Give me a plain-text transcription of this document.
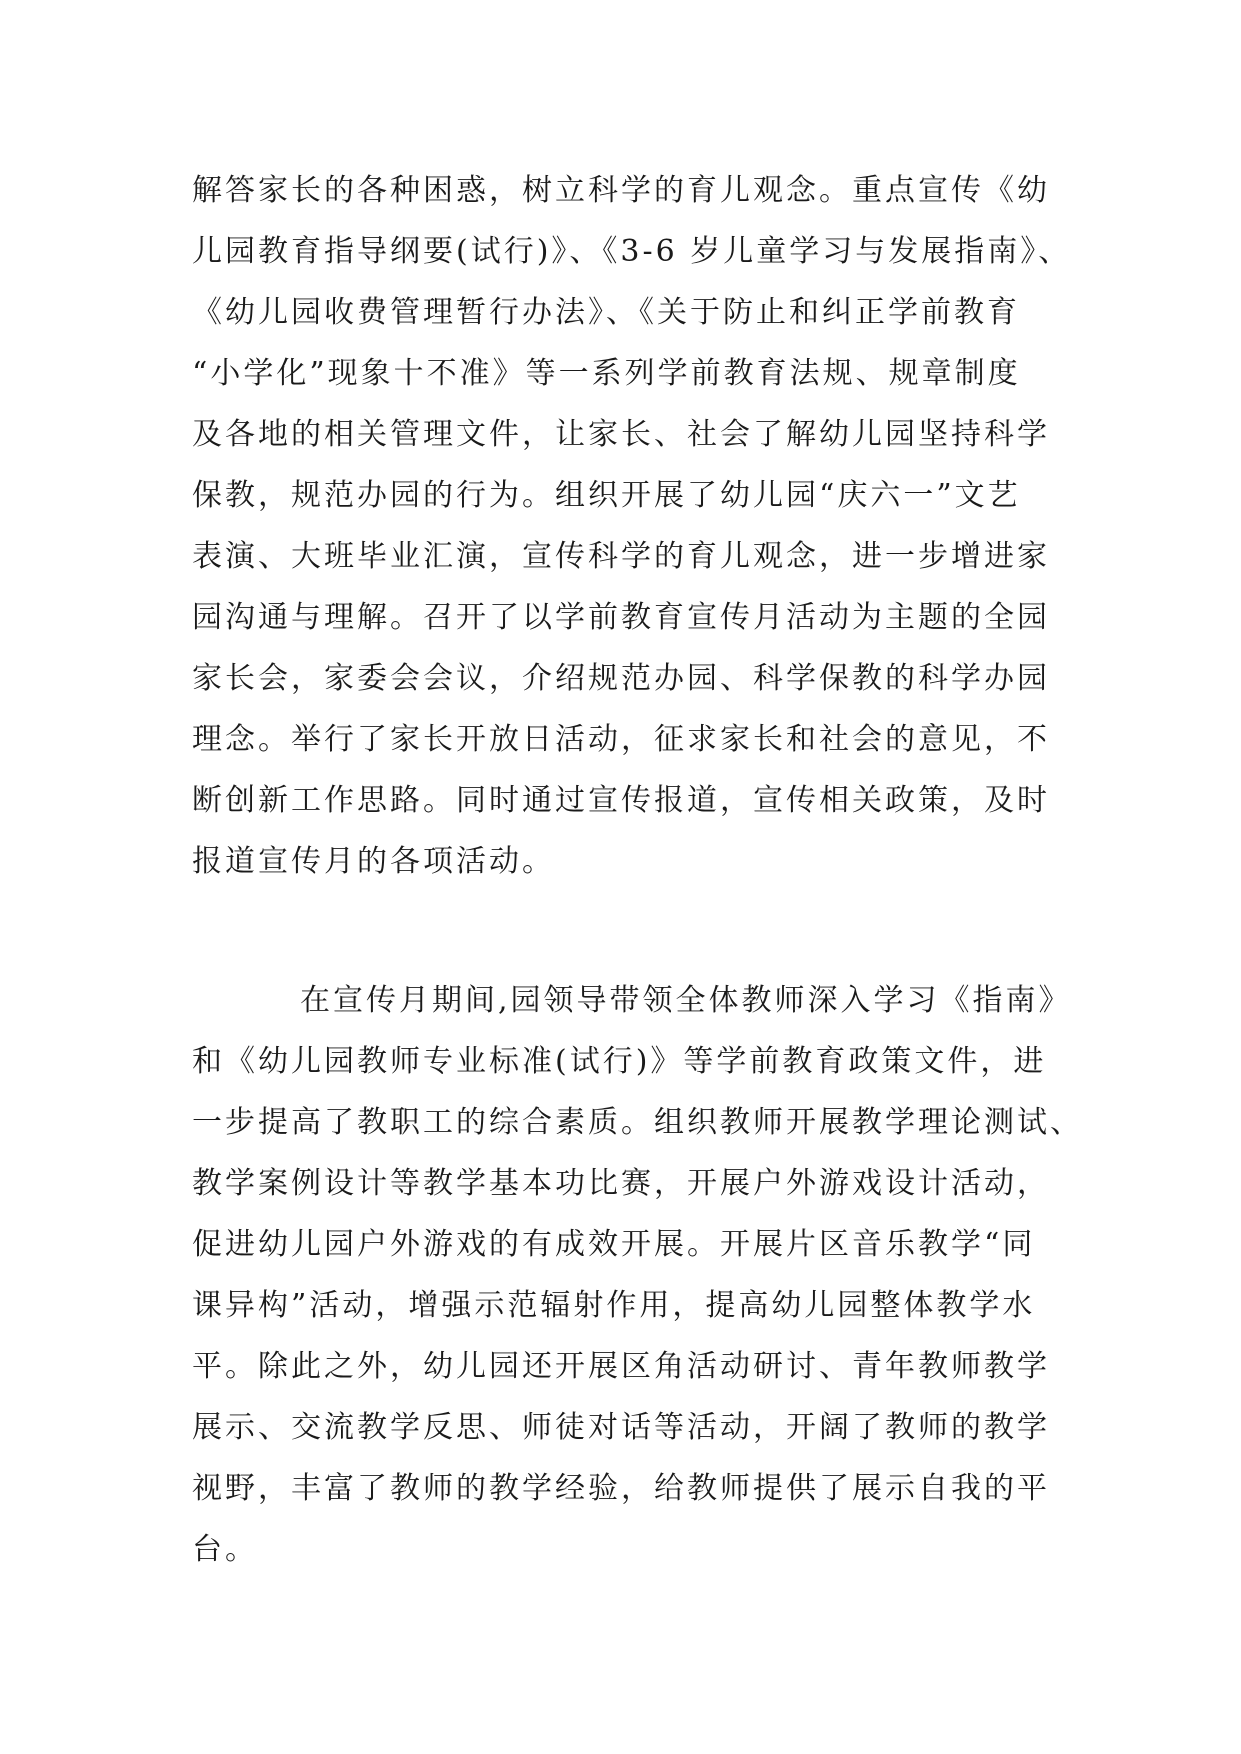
解答家长的各种困惑，树立科学的育儿观念。重点宣传《幼
儿园教育指导纲要(试行)》、《3-6 岁儿童学习与发展指南》、
《幼儿园收费管理暂行办法》、《关于防止和纠正学前教育
“小学化”现象十不准》等一系列学前教育法规、规章制度
及各地的相关管理文件，让家长、社会了解幼儿园坚持科学
保教，规范办园的行为。组织开展了幼儿园“庆六一”文艺
表演、大班毕业汇演，宣传科学的育儿观念，进一步增进家
园沟通与理解。召开了以学前教育宣传月活动为主题的全园
家长会，家委会会议，介绍规范办园、科学保教的科学办园
理念。举行了家长开放日活动，征求家长和社会的意见，不
断创新工作思路。同时通过宣传报道，宣传相关政策，及时
报道宣传月的各项活动。
在宣传月期间,园领导带领全体教师深入学习《指南》
和《幼儿园教师专业标准(试行)》等学前教育政策文件，进
一步提高了教职工的综合素质。组织教师开展教学理论测试、
教学案例设计等教学基本功比赛，开展户外游戏设计活动，
促进幼儿园户外游戏的有成效开展。开展片区音乐教学“同
课异构”活动，增强示范辐射作用，提高幼儿园整体教学水
平。除此之外，幼儿园还开展区角活动研讨、青年教师教学
展示、交流教学反思、师徒对话等活动，开阔了教师的教学
视野，丰富了教师的教学经验，给教师提供了展示自我的平
台。
